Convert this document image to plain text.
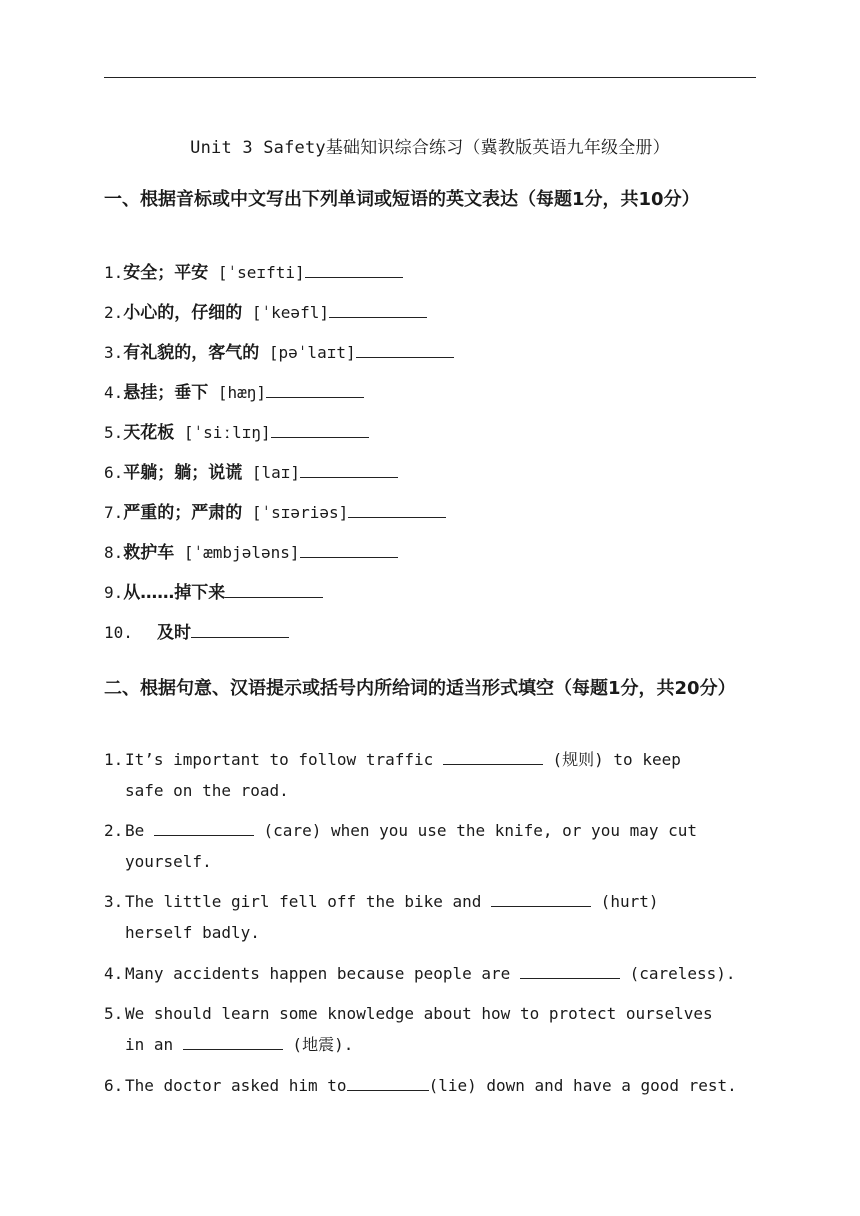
Unit 3 Safety基础知识综合练习（冀教版英语九年级全册）
一、根据音标或中文写出下列单词或短语的英文表达（每题1分，共10分）
1.安全；平安 [ˈseɪfti]
2.小心的，仔细的 [ˈkeəfl]
3.有礼貌的，客气的 [pəˈlaɪt]
4.悬挂；垂下 [hæŋ]
5.天花板 [ˈsiːlɪŋ]
6.平躺；躺；说谎 [laɪ]
7.严重的；严肃的 [ˈsɪəriəs]
8.救护车 [ˈæmbjələns]
9.从……掉下来
10. 及时
二、根据句意、汉语提示或括号内所给词的适当形式填空（每题1分，共20分）
1. It’s important to follow traffic	(规则) to keep
safe on the road.
2. Be	(care) when you use the knife, or you may cut
yourself.
3. The little girl fell off the bike and	(hurt)
herself badly.
4. Many accidents happen because people are	(careless).
5. We should learn some knowledge about how to protect ourselves
in an	(地震).
6. The doctor asked him to	(lie) down and have a good rest.
